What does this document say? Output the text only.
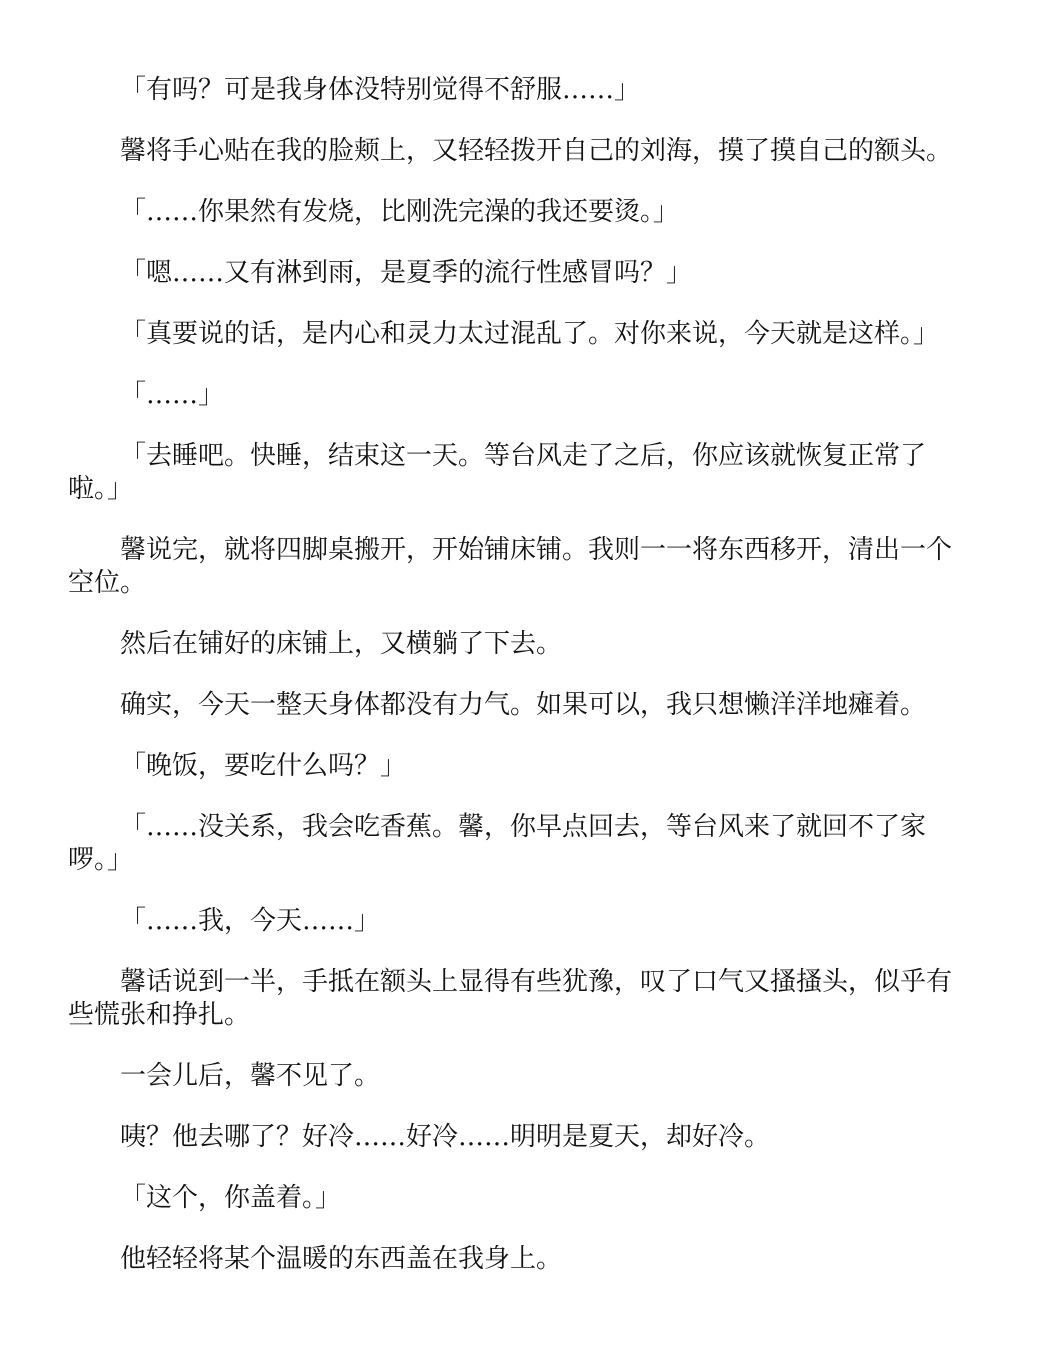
「有吗？可是我身体没特别觉得不舒服……」

馨将手心贴在我的脸颊上，又轻轻拨开自己的刘海，摸了摸自己的额头。

「……你果然有发烧，比刚洗完澡的我还要烫。」

「嗯……又有淋到雨，是夏季的流行性感冒吗？」

「真要说的话，是内心和灵力太过混乱了。对你来说，今天就是这样。」

「……」

「去睡吧。快睡，结束这一天。等台风走了之后，你应该就恢复正常了啦。」

馨说完，就将四脚桌搬开，开始铺床铺。我则一一将东西移开，清出一个空位。

然后在铺好的床铺上，又横躺了下去。

确实，今天一整天身体都没有力气。如果可以，我只想懒洋洋地瘫着。

「晚饭，要吃什么吗？」

「……没关系，我会吃香蕉。馨，你早点回去，等台风来了就回不了家啰。」

「……我，今天……」

馨话说到一半，手抵在额头上显得有些犹豫，叹了口气又搔搔头，似乎有些慌张和挣扎。

一会儿后，馨不见了。

咦？他去哪了？好冷……好冷……明明是夏天，却好冷。

「这个，你盖着。」

他轻轻将某个温暖的东西盖在我身上。
